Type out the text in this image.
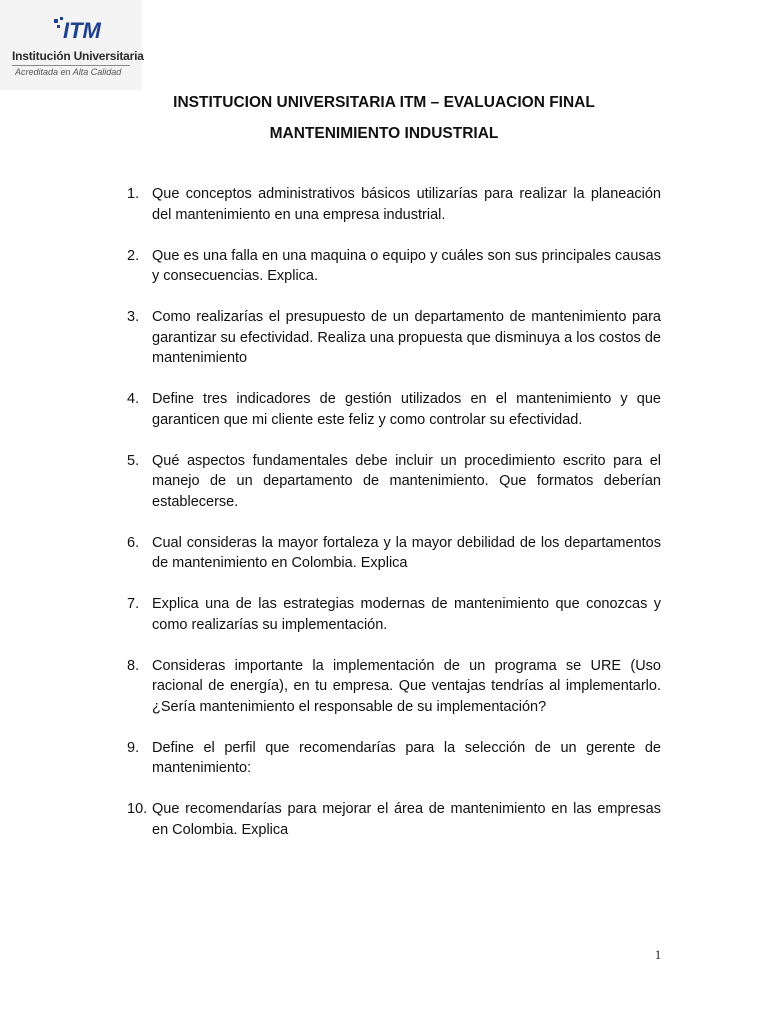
ITM
Institución Universitaria
Acreditada en Alta Calidad
INSTITUCION UNIVERSITARIA ITM – EVALUACION FINAL
MANTENIMIENTO INDUSTRIAL
1. Que conceptos administrativos básicos utilizarías para realizar la planeación del mantenimiento en una empresa industrial.
2. Que es una falla en una maquina o equipo y cuáles son sus principales causas y consecuencias. Explica.
3. Como realizarías el presupuesto de un departamento de mantenimiento para garantizar su efectividad. Realiza una propuesta que disminuya a los costos de mantenimiento
4. Define tres indicadores de gestión utilizados en el mantenimiento y que garanticen que mi cliente este feliz y como controlar su efectividad.
5. Qué aspectos fundamentales debe incluir un procedimiento escrito para el manejo de un departamento de mantenimiento. Que formatos deberían establecerse.
6. Cual consideras la mayor fortaleza y la mayor debilidad de los departamentos de mantenimiento en Colombia. Explica
7. Explica una de las estrategias modernas de mantenimiento que conozcas y como realizarías su implementación.
8. Consideras importante la implementación de un programa se URE (Uso racional de energía), en tu empresa. Que ventajas tendrías al implementarlo. ¿Sería mantenimiento el responsable de su implementación?
9. Define el perfil que recomendarías para la selección de un gerente de mantenimiento:
10. Que recomendarías para mejorar el área de mantenimiento en las empresas en Colombia. Explica
1
